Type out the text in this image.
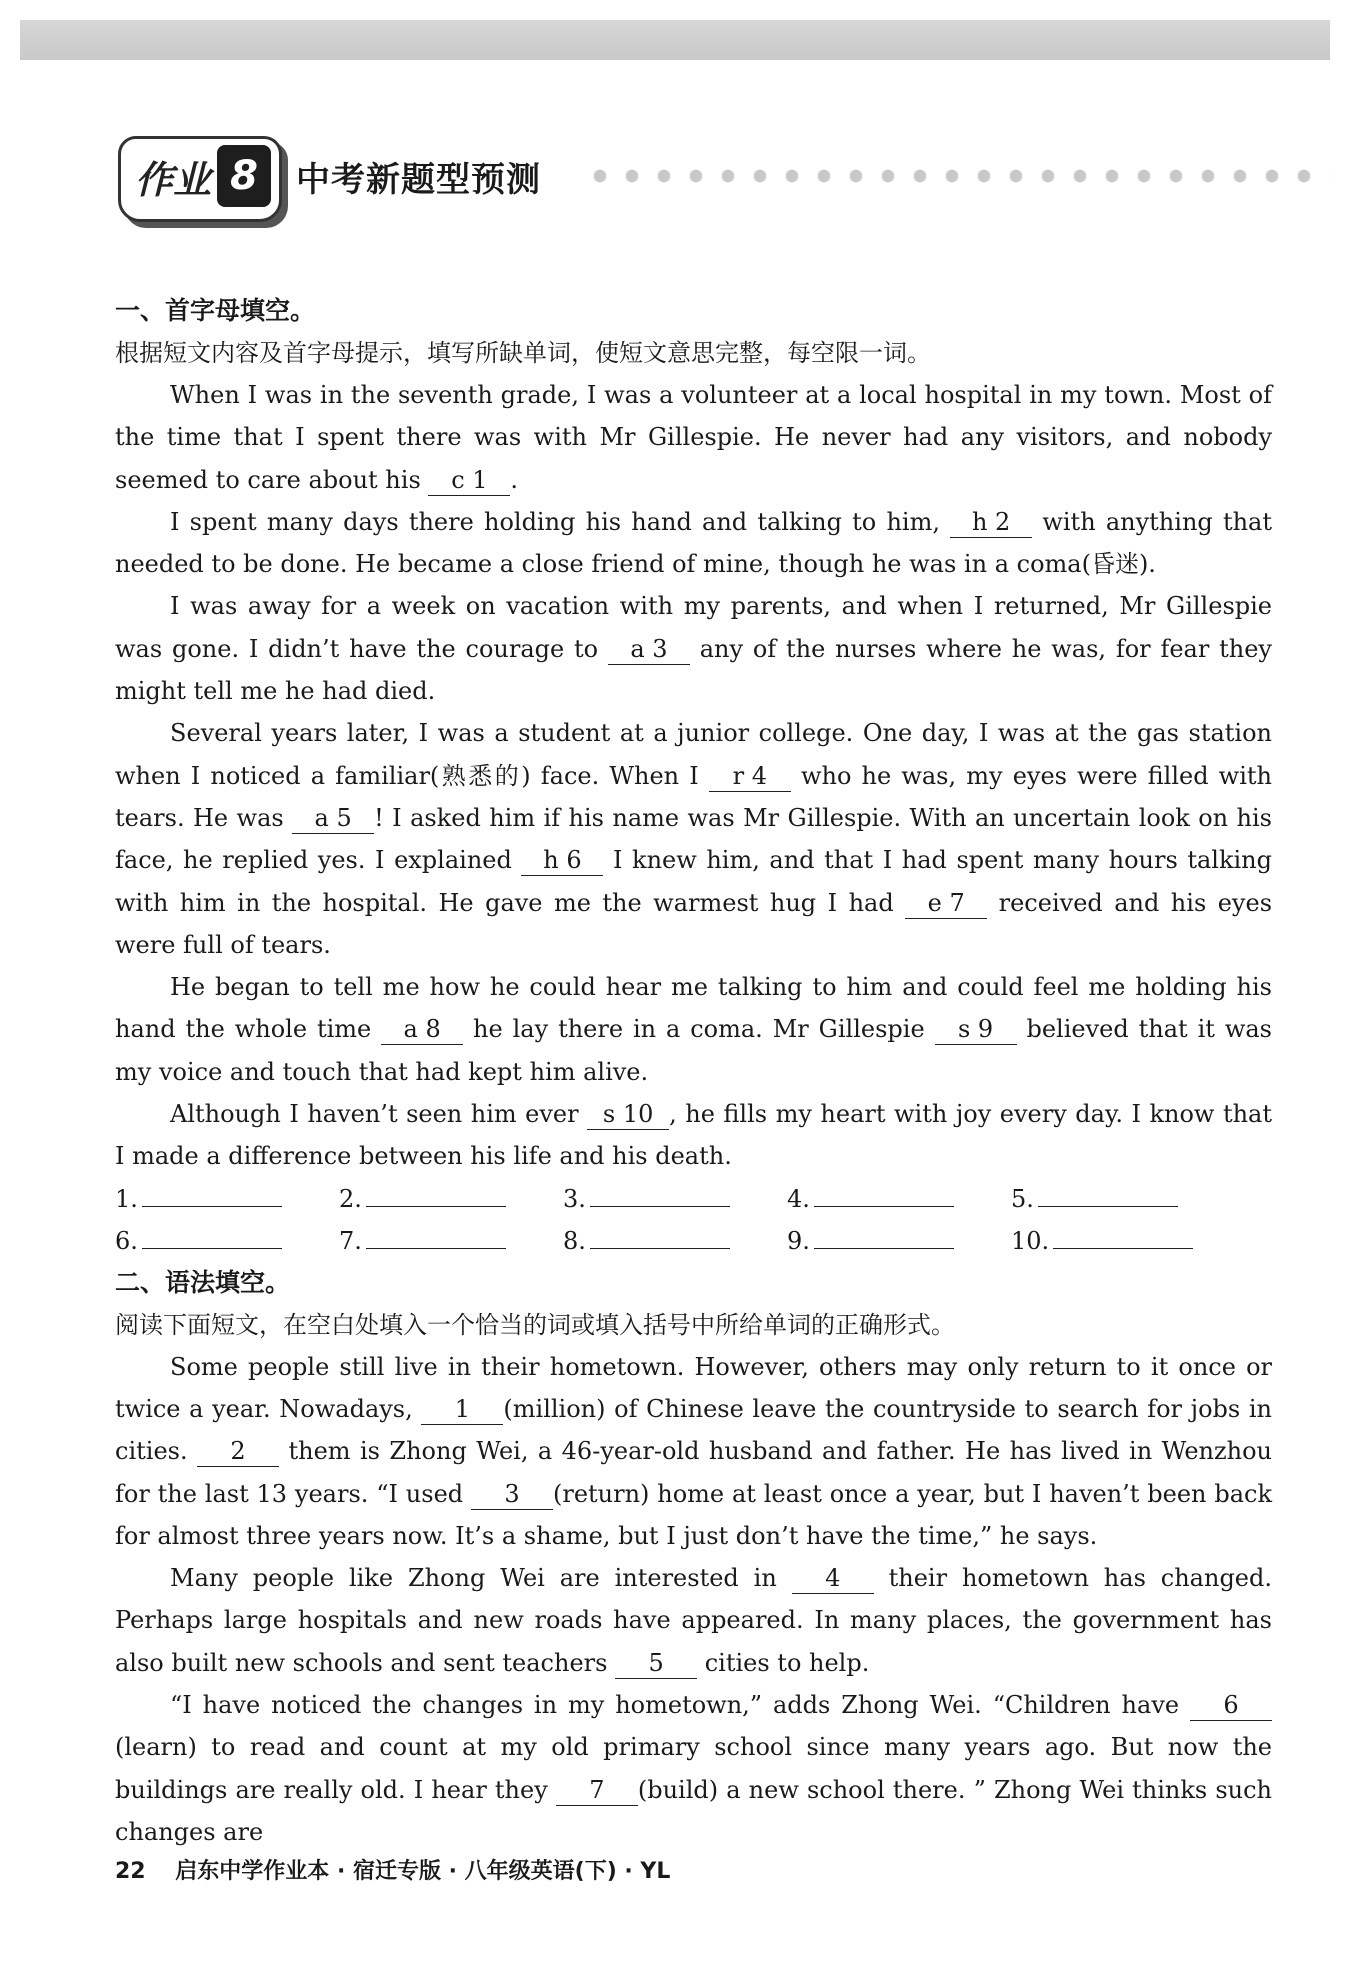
作业 8	中考新题型预测

一、首字母填空。

根据短文内容及首字母提示，填写所缺单词，使短文意思完整，每空限一词。

When I was in the seventh grade, I was a volunteer at a local hospital in my town. Most of the time that I spent there was with Mr Gillespie. He never had any visitors, and nobody seemed to care about his c 1 .

I spent many days there holding his hand and talking to him, h 2 with anything that needed to be done. He became a close friend of mine, though he was in a coma(昏迷).

I was away for a week on vacation with my parents, and when I returned, Mr Gillespie was gone. I didn’t have the courage to a 3 any of the nurses where he was, for fear they might tell me he had died.

Several years later, I was a student at a junior college. One day, I was at the gas station when I noticed a familiar(熟悉的) face. When I r 4 who he was, my eyes were filled with tears. He was a 5 ! I asked him if his name was Mr Gillespie. With an uncertain look on his face, he replied yes. I explained h 6 I knew him, and that I had spent many hours talking with him in the hospital. He gave me the warmest hug I had e 7 received and his eyes were full of tears.

He began to tell me how he could hear me talking to him and could feel me holding his hand the whole time a 8 he lay there in a coma. Mr Gillespie s 9 believed that it was my voice and touch that had kept him alive.

Although I haven’t seen him ever s 10 , he fills my heart with joy every day. I know that I made a difference between his life and his death.

1.	2.	3.	4.	5.
6.	7.	8.	9.	10.

二、语法填空。

阅读下面短文，在空白处填入一个恰当的词或填入括号中所给单词的正确形式。

Some people still live in their hometown. However, others may only return to it once or twice a year. Nowadays, 1 (million) of Chinese leave the countryside to search for jobs in cities. 2 them is Zhong Wei, a 46-year-old husband and father. He has lived in Wenzhou for the last 13 years. “I used 3 (return) home at least once a year, but I haven’t been back for almost three years now. It’s a shame, but I just don’t have the time,” he says.

Many people like Zhong Wei are interested in 4 their hometown has changed. Perhaps large hospitals and new roads have appeared. In many places, the government has also built new schools and sent teachers 5 cities to help.

“I have noticed the changes in my hometown,” adds Zhong Wei. “Children have 6(learn) to read and count at my old primary school since many years ago. But now the buildings are really old. I hear they 7 (build) a new school there. ” Zhong Wei thinks such changes are

22 启东中学作业本 · 宿迁专版 · 八年级英语(下) · YL
